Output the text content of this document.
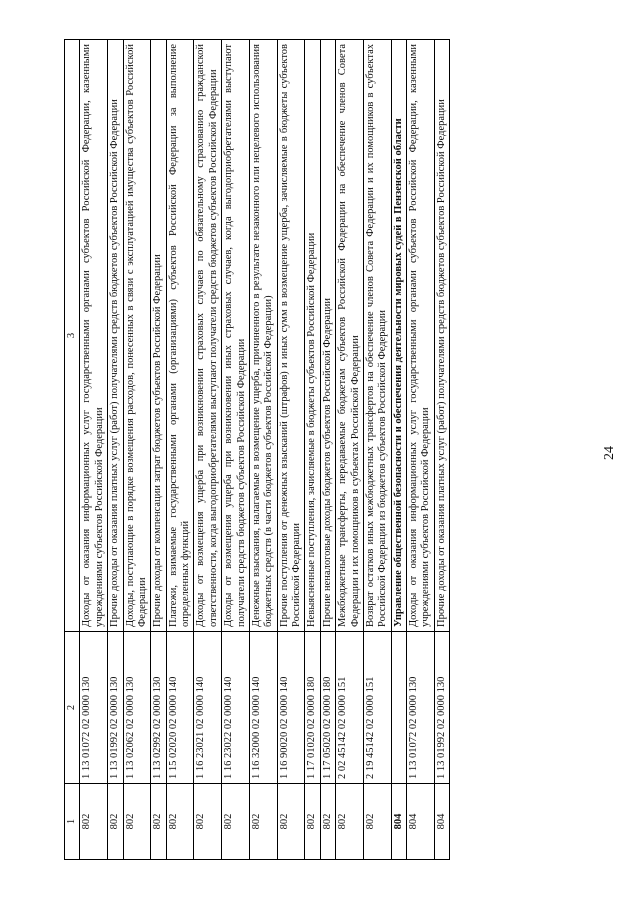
24
1	2	3
802	1 13 01072 02 0000 130	Доходы от оказания информационных услуг государственными органами субъектов Российской Федерации, казенными учреждениями субъектов Российской Федерации
802	1 13 01992 02 0000 130	Прочие доходы от оказания платных услуг (работ) получателями средств бюджетов субъектов Российской Федерации
802	1 13 02062 02 0000 130	Доходы, поступающие в порядке возмещения расходов, понесенных в связи с эксплуатацией имущества субъектов Российской Федерации
802	1 13 02992 02 0000 130	Прочие доходы от компенсации затрат бюджетов субъектов Российской Федерации
802	1 15 02020 02 0000 140	Платежи, взимаемые государственными органами (организациями) субъектов Российской Федерации за выполнение определенных функций
802	1 16 23021 02 0000 140	Доходы от возмещения ущерба при возникновении страховых случаев по обязательному страхованию гражданской ответственности, когда выгодоприобретателями выступают получатели средств бюджетов субъектов Российской Федерации
802	1 16 23022 02 0000 140	Доходы от возмещения ущерба при возникновении иных страховых случаев, когда выгодоприобретателями выступают получатели средств бюджетов субъектов Российской Федерации
802	1 16 32000 02 0000 140	Денежные взыскания, налагаемые в возмещение ущерба, причиненного в результате незаконного или нецелевого использования бюджетных средств (в части бюджетов субъектов Российской Федерации)
802	1 16 90020 02 0000 140	Прочие поступления от денежных взысканий (штрафов) и иных сумм в возмещение ущерба, зачисляемые в бюджеты субъектов Российской Федерации
802	1 17 01020 02 0000 180	Невыясненные поступления, зачисляемые в бюджеты субъектов Российской Федерации
802	1 17 05020 02 0000 180	Прочие неналоговые доходы бюджетов субъектов Российской Федерации
802	2 02 45142 02 0000 151	Межбюджетные трансферты, передаваемые бюджетам субъектов Российской Федерации на обеспечение членов Совета Федерации и их помощников в субъектах Российской Федерации
802	2 19 45142 02 0000 151	Возврат остатков иных межбюджетных трансфертов на обеспечение членов Совета Федерации и их помощников в субъектах Российской Федерации из бюджетов субъектов Российской Федерации
804		Управление общественной безопасности и обеспечения деятельности мировых судей в Пензенской области
804	1 13 01072 02 0000 130	Доходы от оказания информационных услуг государственными органами субъектов Российской Федерации, казенными учреждениями субъектов Российской Федерации
804	1 13 01992 02 0000 130	Прочие доходы от оказания платных услуг (работ) получателями средств бюджетов субъектов Российской Федерации
